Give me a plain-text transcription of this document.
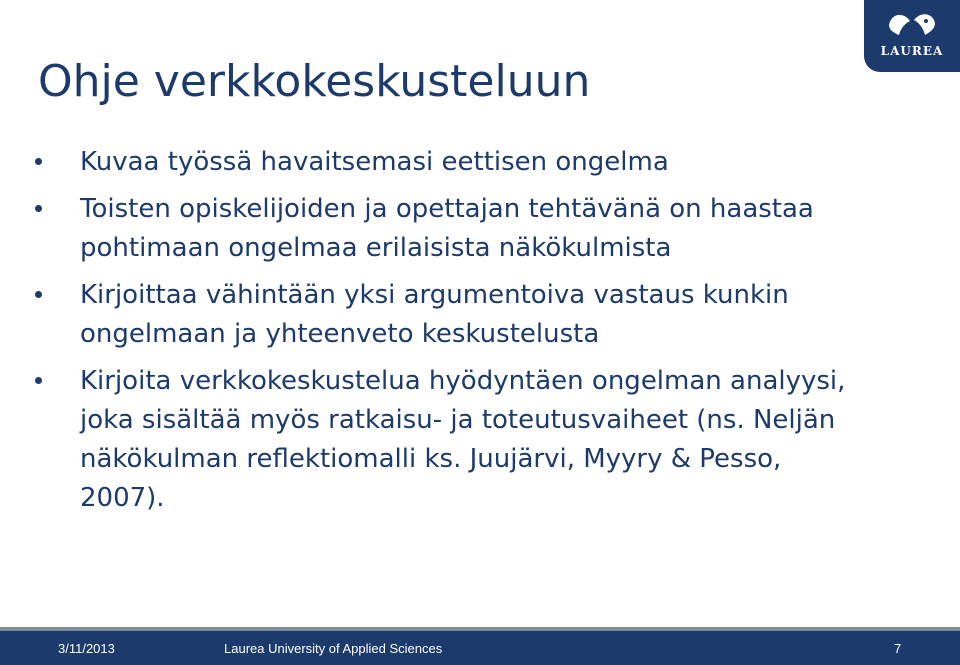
LAUREA
Ohje verkkokeskusteluun
Kuvaa työssä havaitsemasi eettisen ongelma
Toisten opiskelijoiden ja opettajan tehtävänä on haastaa pohtimaan ongelmaa erilaisista näkökulmista
Kirjoittaa vähintään yksi argumentoiva vastaus kunkin ongelmaan ja yhteenveto keskustelusta
Kirjoita verkkokeskustelua hyödyntäen ongelman analyysi, joka sisältää myös ratkaisu- ja toteutusvaiheet (ns. Neljän näkökulman reflektiomalli ks. Juujärvi, Myyry & Pesso, 2007).
3/11/2013	Laurea University of Applied Sciences	7
